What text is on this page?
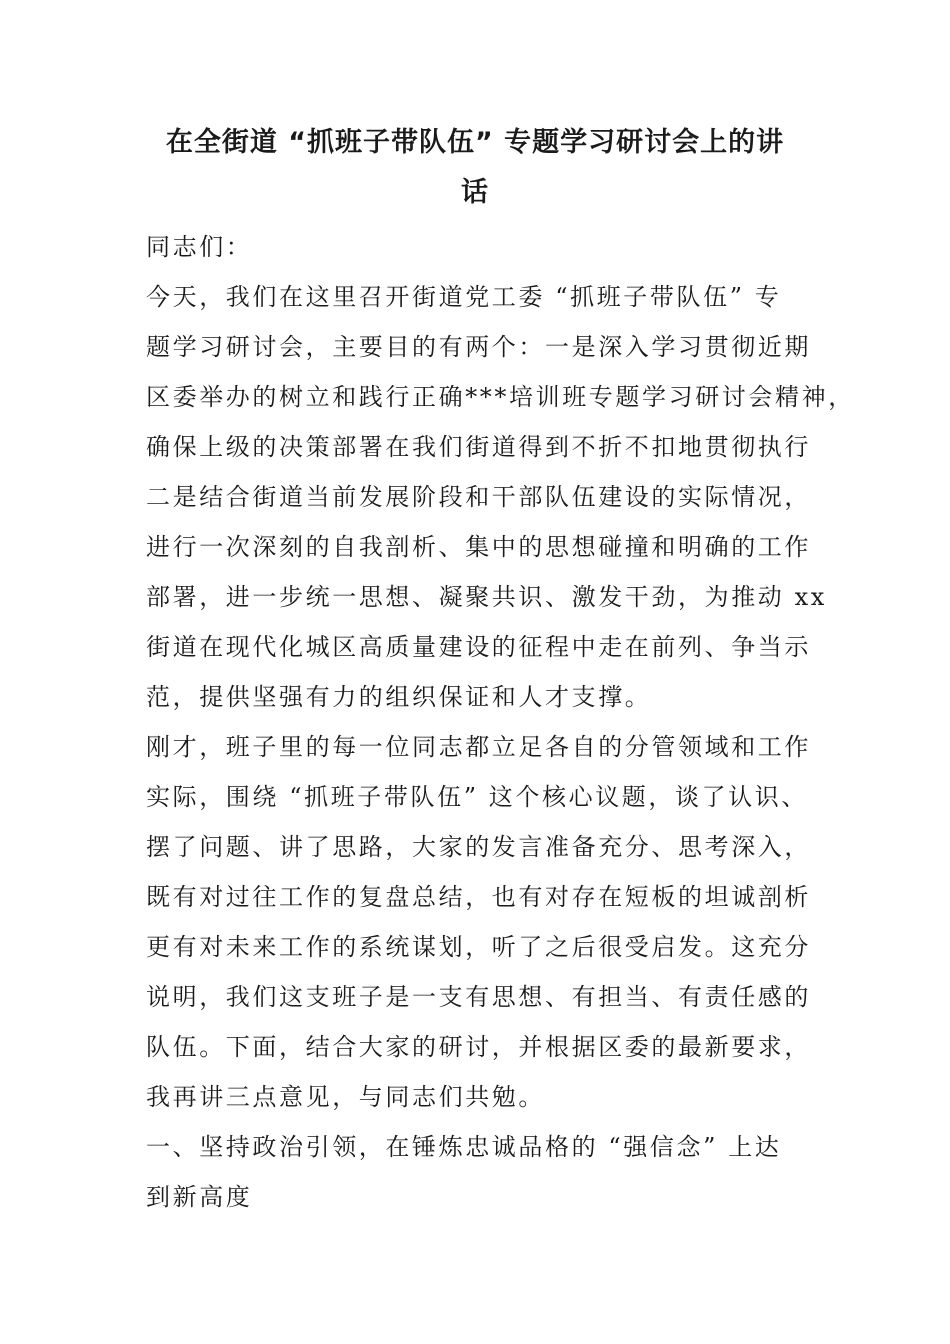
在全街道 “抓班子带队伍” 专题学习研讨会上的讲
话
同志们：
今天，我们在这里召开街道党工委 “抓班子带队伍” 专
题学习研讨会，主要目的有两个：一是深入学习贯彻近期
区委举办的树立和践行正确***培训班专题学习研讨会精神，
确保上级的决策部署在我们街道得到不折不扣地贯彻执行
二是结合街道当前发展阶段和干部队伍建设的实际情况，
进行一次深刻的自我剖析、集中的思想碰撞和明确的工作
部署，进一步统一思想、凝聚共识、激发干劲，为推动 xx
街道在现代化城区高质量建设的征程中走在前列、争当示
范，提供坚强有力的组织保证和人才支撑。
刚才，班子里的每一位同志都立足各自的分管领域和工作
实际，围绕 “抓班子带队伍” 这个核心议题，谈了认识、
摆了问题、讲了思路，大家的发言准备充分、思考深入，
既有对过往工作的复盘总结，也有对存在短板的坦诚剖析
更有对未来工作的系统谋划，听了之后很受启发。这充分
说明，我们这支班子是一支有思想、有担当、有责任感的
队伍。下面，结合大家的研讨，并根据区委的最新要求，
我再讲三点意见，与同志们共勉。
一、坚持政治引领，在锤炼忠诚品格的 “强信念” 上达
到新高度
